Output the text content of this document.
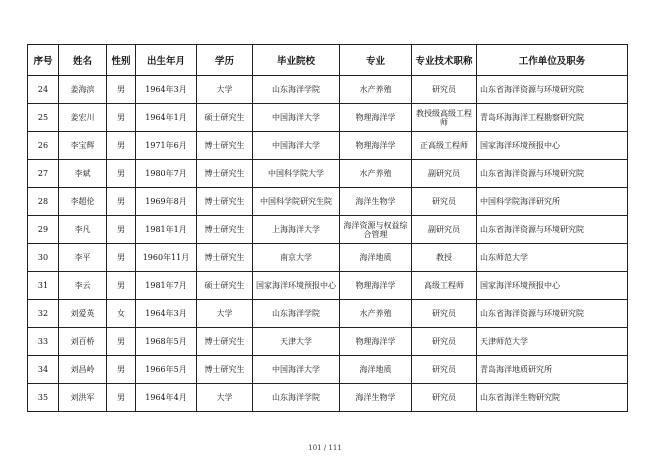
序号	姓名	性别	出生年月	学历	毕业院校	专业	专业技术职称	工作单位及职务
24	姜海滨	男	1964年3月	大学	山东海洋学院	水产养殖	研究员	山东省海洋资源与环境研究院
25	姜宏川	男	1964年1月	硕士研究生	中国海洋大学	物理海洋学	教授级高级工程师	青岛环海海洋工程勘察研究院
26	李宝辉	男	1971年6月	博士研究生	中国海洋大学	物理海洋学	正高级工程师	国家海洋环境预报中心
27	李斌	男	1980年7月	博士研究生	中国科学院大学	水产养殖	副研究员	山东省海洋资源与环境研究院
28	李超伦	男	1969年8月	博士研究生	中国科学院研究生院	海洋生物学	研究员	中国科学院海洋研究所
29	李凡	男	1981年1月	博士研究生	上海海洋大学	海洋资源与权益综合管理	副研究员	山东省海洋资源与环境研究院
30	李平	男	1960年11月	博士研究生	南京大学	海洋地质	教授	山东师范大学
31	李云	男	1981年7月	硕士研究生	国家海洋环境预报中心	物理海洋学	高级工程师	国家海洋环境预报中心
32	刘爱英	女	1964年3月	大学	山东海洋学院	水产养殖	研究员	山东省海洋资源与环境研究院
33	刘百桥	男	1968年5月	博士研究生	天津大学	物理海洋学	研究员	天津师范大学
34	刘昌岭	男	1966年5月	博士研究生	中国海洋大学	海洋地质	研究员	青岛海洋地质研究所
35	刘洪军	男	1964年4月	大学	山东海洋学院	海洋生物学	研究员	山东省海洋生物研究院
101 / 111
